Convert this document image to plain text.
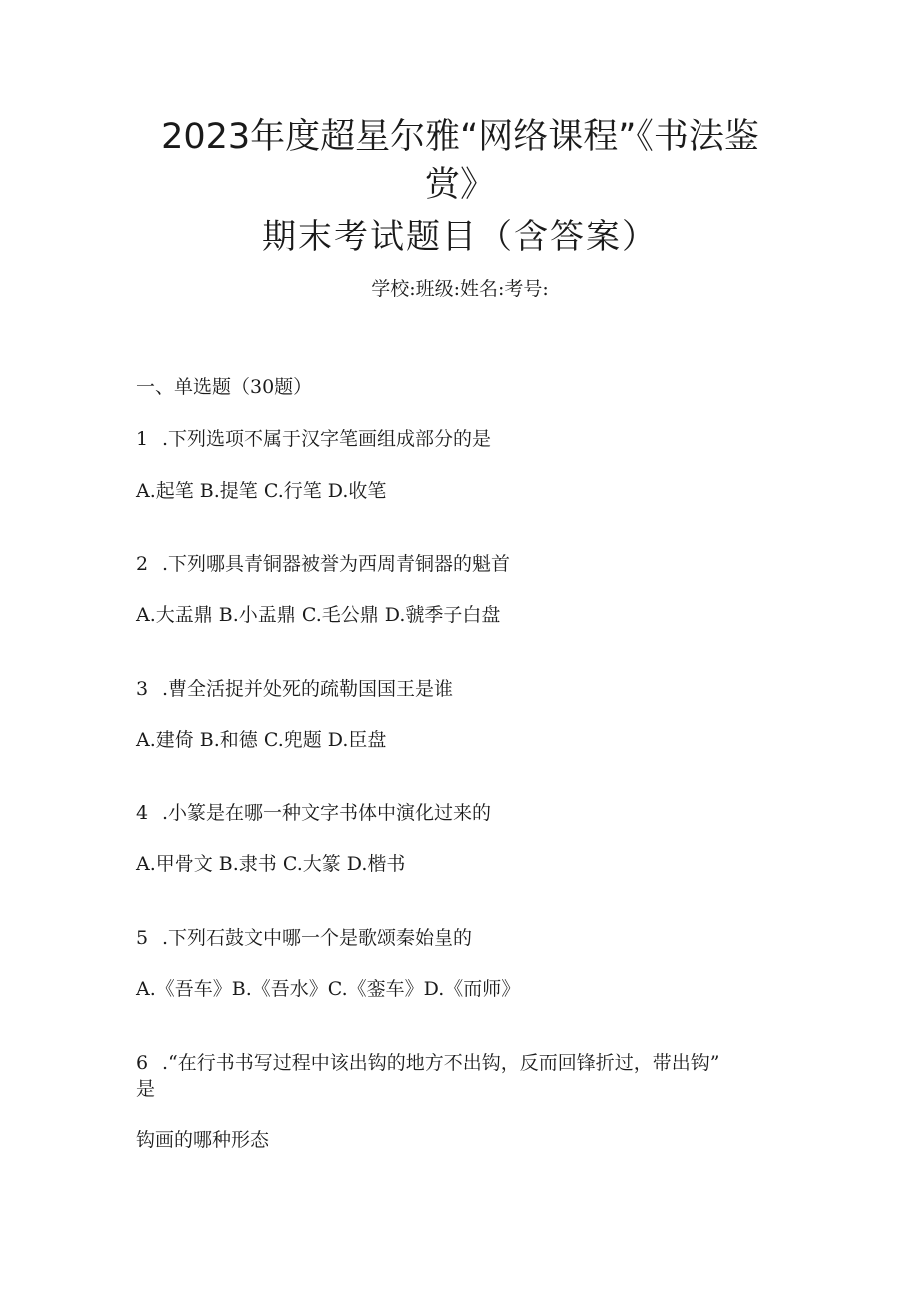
2023年度超星尔雅“网络课程”《书法鉴
赏》
期末考试题目（含答案）
学校:班级:姓名:考号:
一、单选题（30题）
1 .下列选项不属于汉字笔画组成部分的是
A.起笔 B.提笔 C.行笔 D.收笔
2 .下列哪具青铜器被誉为西周青铜器的魁首
A.大盂鼎 B.小盂鼎 C.毛公鼎 D.虢季子白盘
3 .曹全活捉并处死的疏勒国国王是谁
A.建倚 B.和德 C.兜题 D.臣盘
4 .小篆是在哪一种文字书体中演化过来的
A.甲骨文 B.隶书 C.大篆 D.楷书
5 .下列石鼓文中哪一个是歌颂秦始皇的
A.《吾车》B.《吾水》C.《銮车》D.《而师》
6 .“在行书书写过程中该出钩的地方不出钩，反而回锋折过，带出钩”
是
钩画的哪种形态
